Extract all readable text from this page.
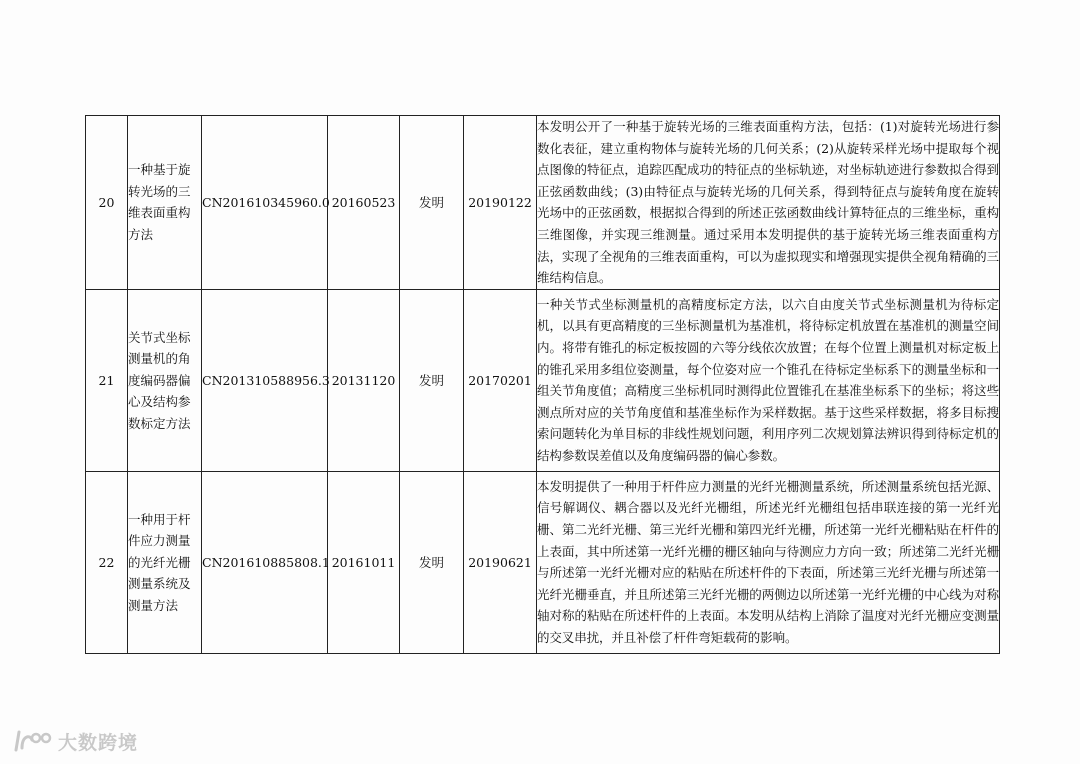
20	一种基于旋转光场的三维表面重构方法	CN201610345960.0	20160523	发明	20190122	本发明公开了一种基于旋转光场的三维表面重构方法，包括：(1)对旋转光场进行参数化表征，建立重构物体与旋转光场的几何关系；(2)从旋转采样光场中提取每个视点图像的特征点，追踪匹配成功的特征点的坐标轨迹，对坐标轨迹进行参数拟合得到正弦函数曲线；(3)由特征点与旋转光场的几何关系，得到特征点与旋转角度在旋转光场中的正弦函数，根据拟合得到的所述正弦函数曲线计算特征点的三维坐标，重构三维图像，并实现三维测量。通过采用本发明提供的基于旋转光场三维表面重构方法，实现了全视角的三维表面重构，可以为虚拟现实和增强现实提供全视角精确的三维结构信息。
21	关节式坐标测量机的角度编码器偏心及结构参数标定方法	CN201310588956.3	20131120	发明	20170201	一种关节式坐标测量机的高精度标定方法，以六自由度关节式坐标测量机为待标定机，以具有更高精度的三坐标测量机为基准机，将待标定机放置在基准机的测量空间内。将带有锥孔的标定板按圆的六等分线依次放置；在每个位置上测量机对标定板上的锥孔采用多组位姿测量，每个位姿对应一个锥孔在待标定坐标系下的测量坐标和一组关节角度值；高精度三坐标机同时测得此位置锥孔在基准坐标系下的坐标；将这些测点所对应的关节角度值和基准坐标作为采样数据。基于这些采样数据，将多目标搜索问题转化为单目标的非线性规划问题，利用序列二次规划算法辨识得到待标定机的结构参数误差值以及角度编码器的偏心参数。
22	一种用于杆件应力测量的光纤光栅测量系统及测量方法	CN201610885808.1	20161011	发明	20190621	本发明提供了一种用于杆件应力测量的光纤光栅测量系统，所述测量系统包括光源、信号解调仪、耦合器以及光纤光栅组，所述光纤光栅组包括串联连接的第一光纤光栅、第二光纤光栅、第三光纤光栅和第四光纤光栅，所述第一光纤光栅粘贴在杆件的上表面，其中所述第一光纤光栅的栅区轴向与待测应力方向一致；所述第二光纤光栅与所述第一光纤光栅对应的粘贴在所述杆件的下表面，所述第三光纤光栅与所述第一光纤光栅垂直，并且所述第三光纤光栅的两侧边以所述第一光纤光栅的中心线为对称轴对称的粘贴在所述杆件的上表面。本发明从结构上消除了温度对光纤光栅应变测量的交叉串扰，并且补偿了杆件弯矩载荷的影响。
大数跨境
